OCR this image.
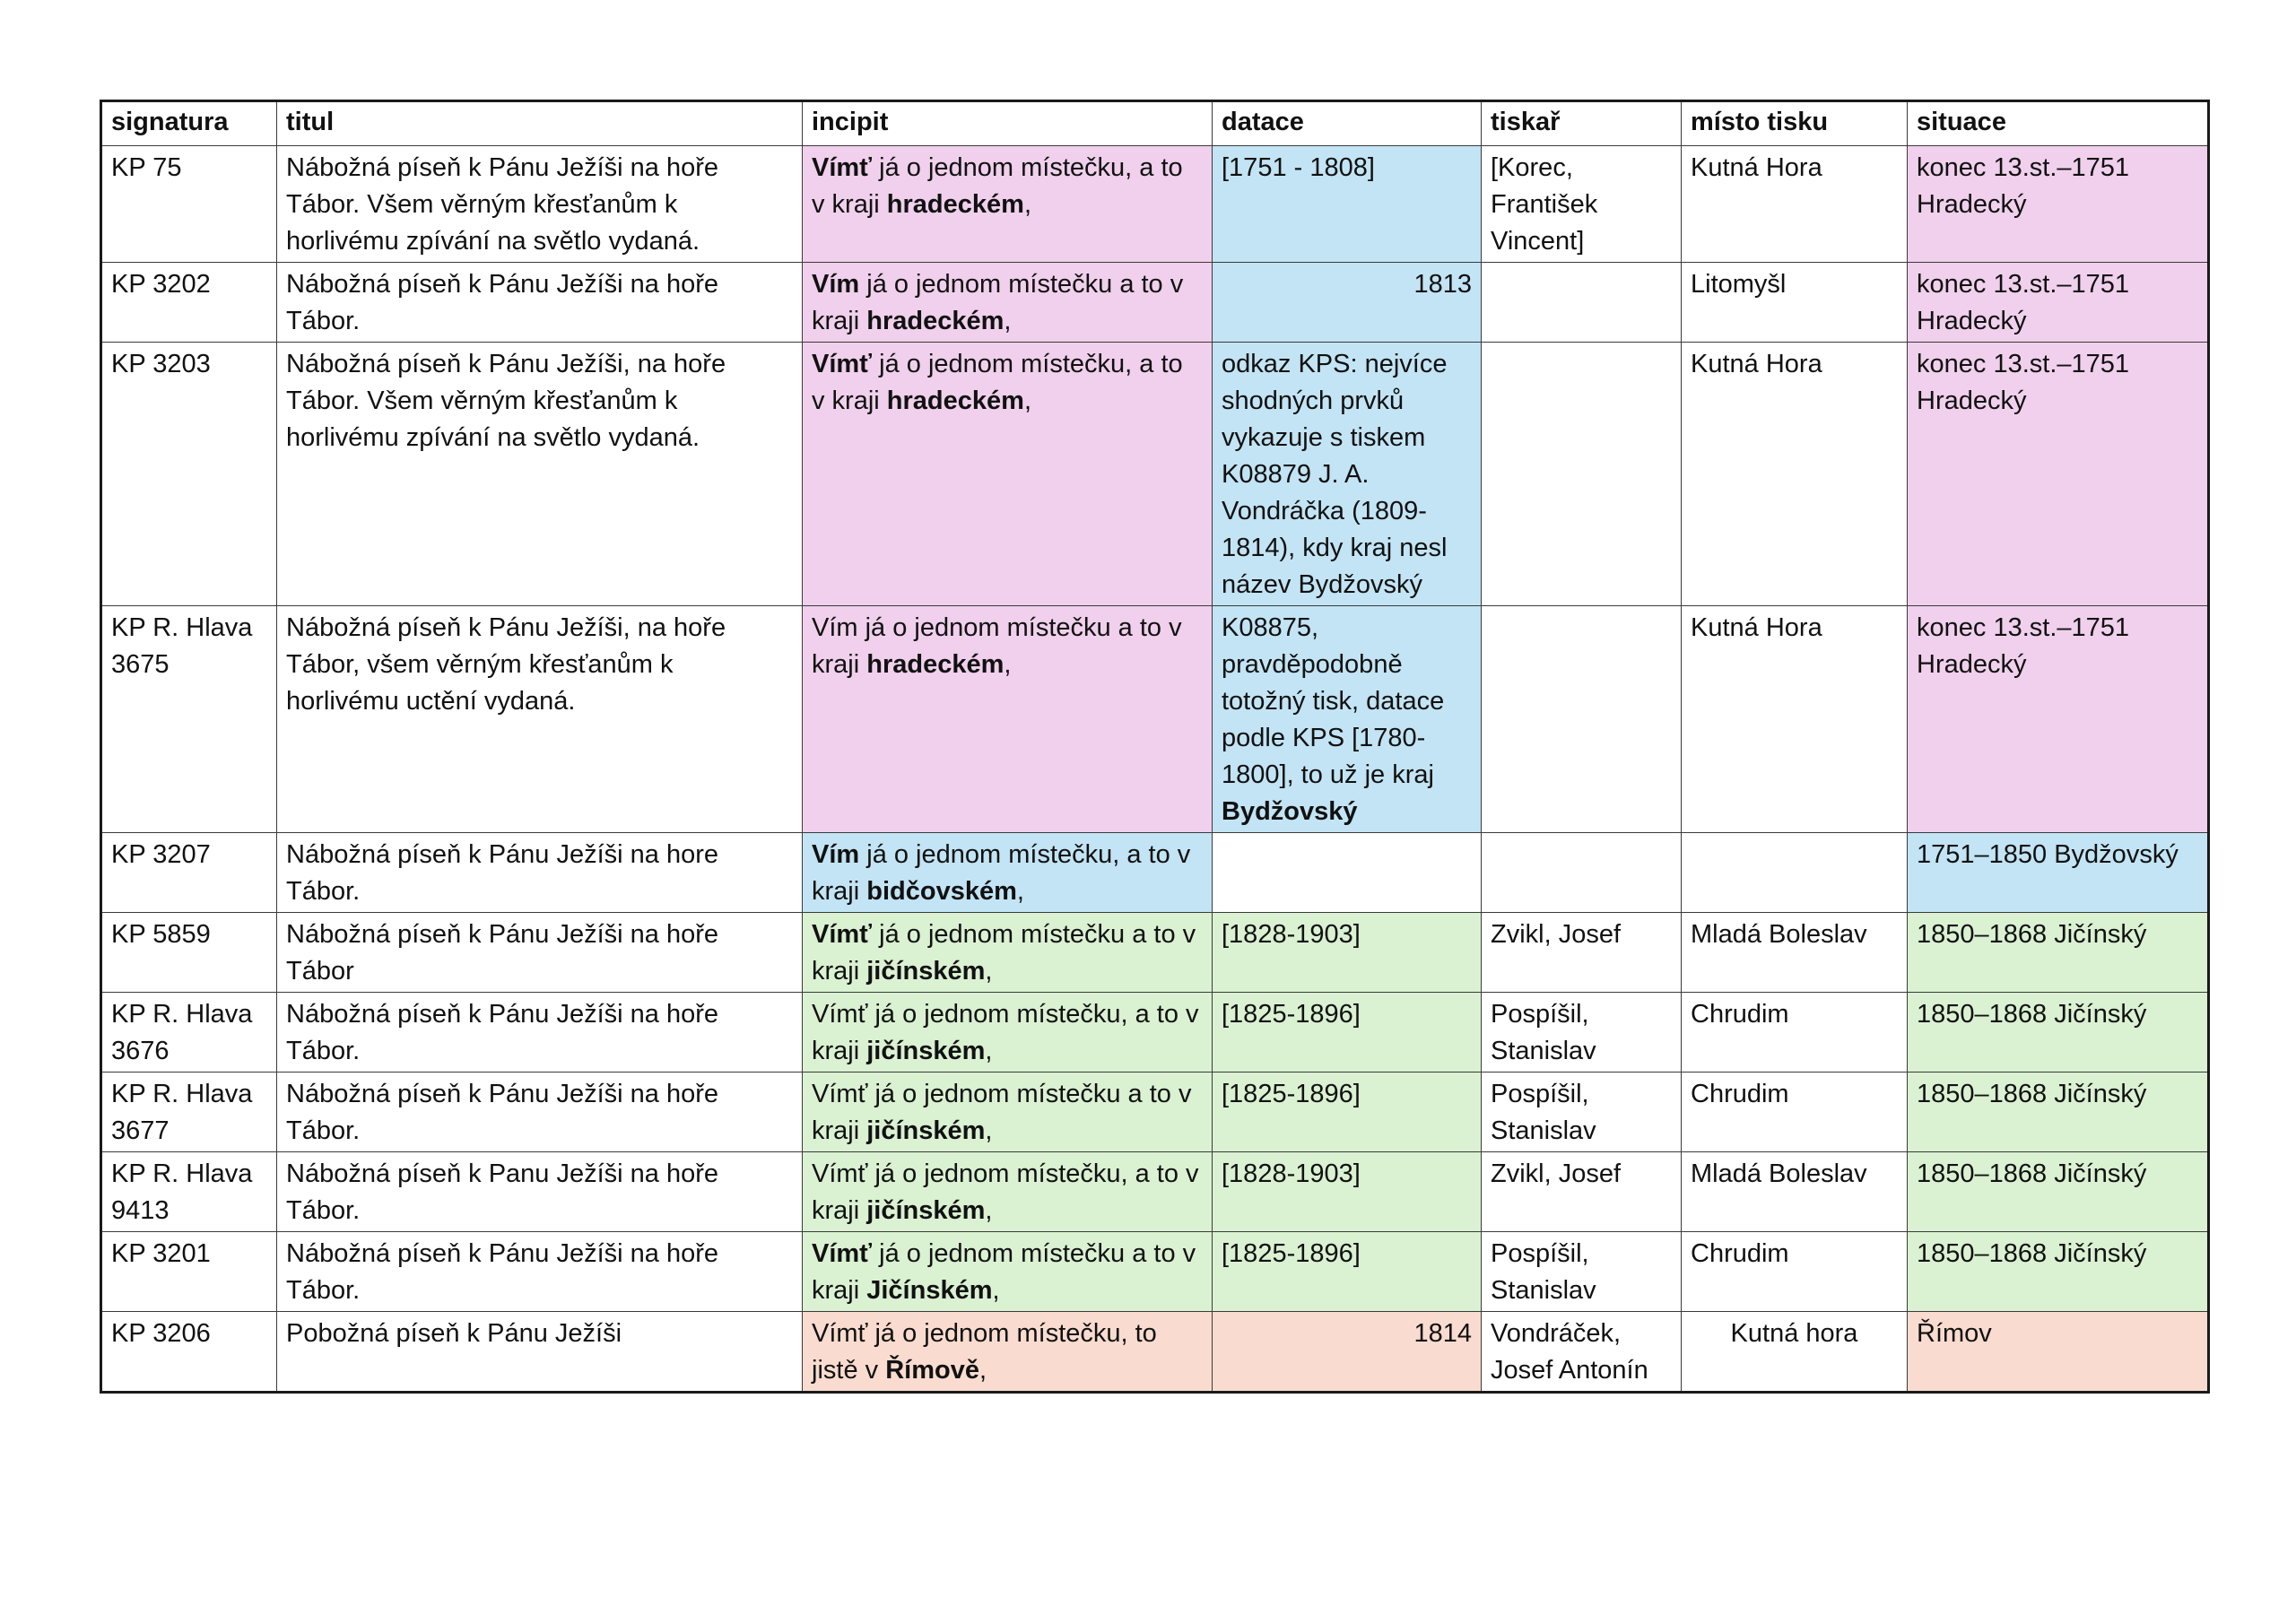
signatura	titul	incipit	datace	tiskař	místo tisku	situace
KP 75	Nábožná píseň k Pánu Ježíši na hoře Tábor. Všem věrným křesťanům k horlivému zpívání na světlo vydaná.	Vímť já o jednom místečku, a to v kraji hradeckém,	[1751 - 1808]	[Korec, František Vincent]	Kutná Hora	konec 13.st.–1751 Hradecký
KP 3202	Nábožná píseň k Pánu Ježíši na hoře Tábor.	Vím já o jednom místečku a to v kraji hradeckém,	1813		Litomyšl	konec 13.st.–1751 Hradecký
KP 3203	Nábožná píseň k Pánu Ježíši, na hoře Tábor. Všem věrným křesťanům k horlivému zpívání na světlo vydaná.	Vímť já o jednom místečku, a to v kraji hradeckém,	odkaz KPS: nejvíce shodných prvků vykazuje s tiskem K08879 J. A. Vondráčka (1809-1814), kdy kraj nesl název Bydžovský		Kutná Hora	konec 13.st.–1751 Hradecký
KP R. Hlava 3675	Nábožná píseň k Pánu Ježíši, na hoře Tábor, všem věrným křesťanům k horlivému uctění vydaná.	Vím já o jednom místečku a to v kraji hradeckém,	K08875, pravděpodobně totožný tisk, datace podle KPS [1780-1800], to už je kraj Bydžovský		Kutná Hora	konec 13.st.–1751 Hradecký
KP 3207	Nábožná píseň k Pánu Ježíši na hore Tábor.	Vím já o jednom místečku, a to v kraji bidčovském,				1751–1850 Bydžovský
KP 5859	Nábožná píseň k Pánu Ježíši na hoře Tábor	Vímť já o jednom místečku a to v kraji jičínském,	[1828-1903]	Zvikl, Josef	Mladá Boleslav	1850–1868 Jičínský
KP R. Hlava 3676	Nábožná píseň k Pánu Ježíši na hoře Tábor.	Vímť já o jednom místečku, a to v kraji jičínském,	[1825-1896]	Pospíšil, Stanislav	Chrudim	1850–1868 Jičínský
KP R. Hlava 3677	Nábožná píseň k Pánu Ježíši na hoře Tábor.	Vímť já o jednom místečku a to v kraji jičínském,	[1825-1896]	Pospíšil, Stanislav	Chrudim	1850–1868 Jičínský
KP R. Hlava 9413	Nábožná píseň k Panu Ježíši na hoře Tábor.	Vímť já o jednom místečku, a to v kraji jičínském,	[1828-1903]	Zvikl, Josef	Mladá Boleslav	1850–1868 Jičínský
KP 3201	Nábožná píseň k Pánu Ježíši na hoře Tábor.	Vímť já o jednom místečku a to v kraji Jičínském,	[1825-1896]	Pospíšil, Stanislav	Chrudim	1850–1868 Jičínský
KP 3206	Pobožná píseň k Pánu Ježíši	Vímť já o jednom místečku, to jistě v Římově,	1814	Vondráček, Josef Antonín	Kutná hora	Římov
